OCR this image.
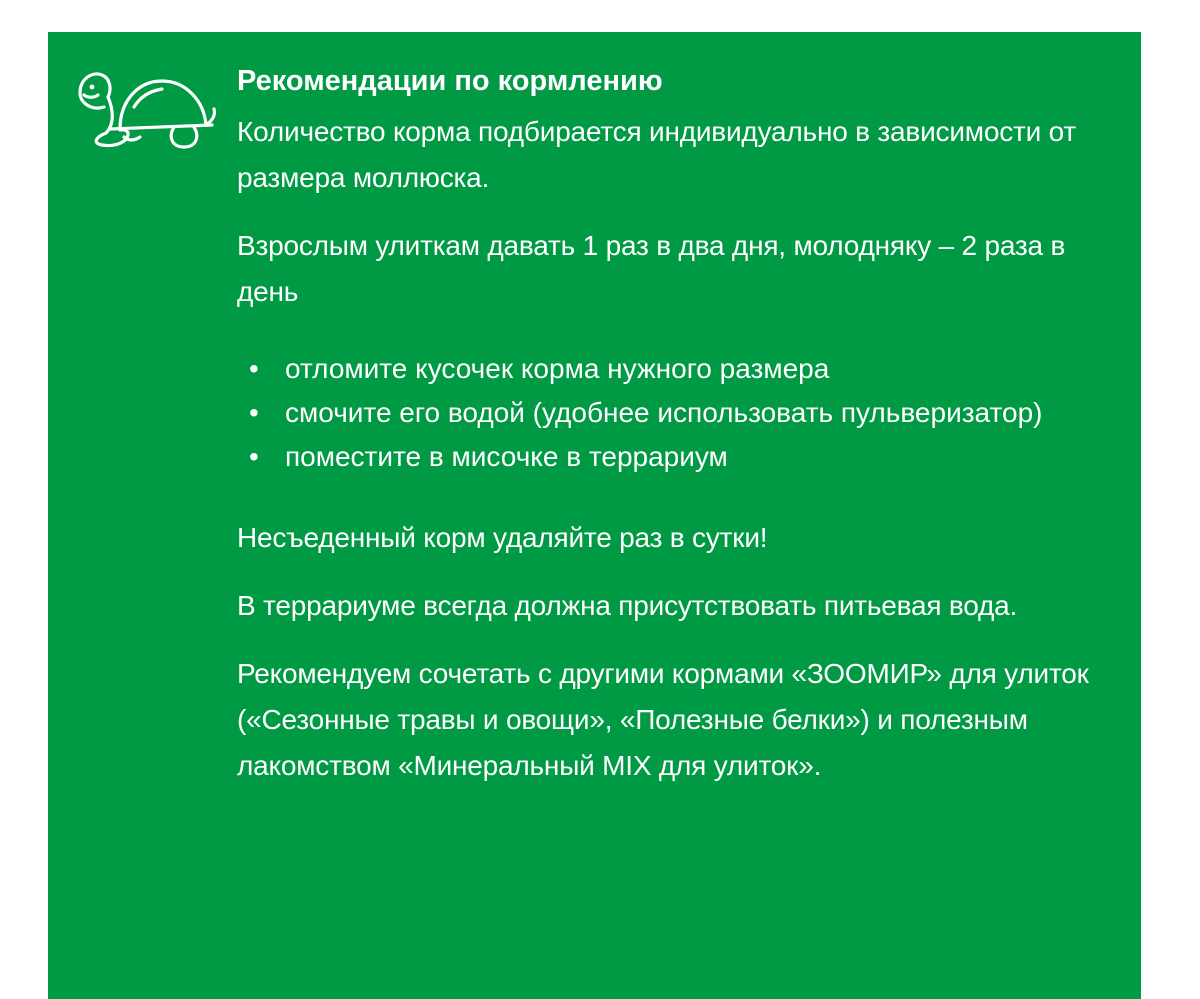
Рекомендации по кормлению

Количество корма подбирается индивидуально в зависимости от размера моллюска.

Взрослым улиткам давать 1 раз в два дня, молодняку – 2 раза в день

• отломите кусочек корма нужного размера
• смочите его водой (удобнее использовать пульверизатор)
• поместите в мисочке в террариум

Несъеденный корм удаляйте раз в сутки!

В террариуме всегда должна присутствовать питьевая вода.

Рекомендуем сочетать с другими кормами «ЗООМИР» для улиток («Сезонные травы и овощи», «Полезные белки») и полезным лакомством «Минеральный MIX для улиток».
